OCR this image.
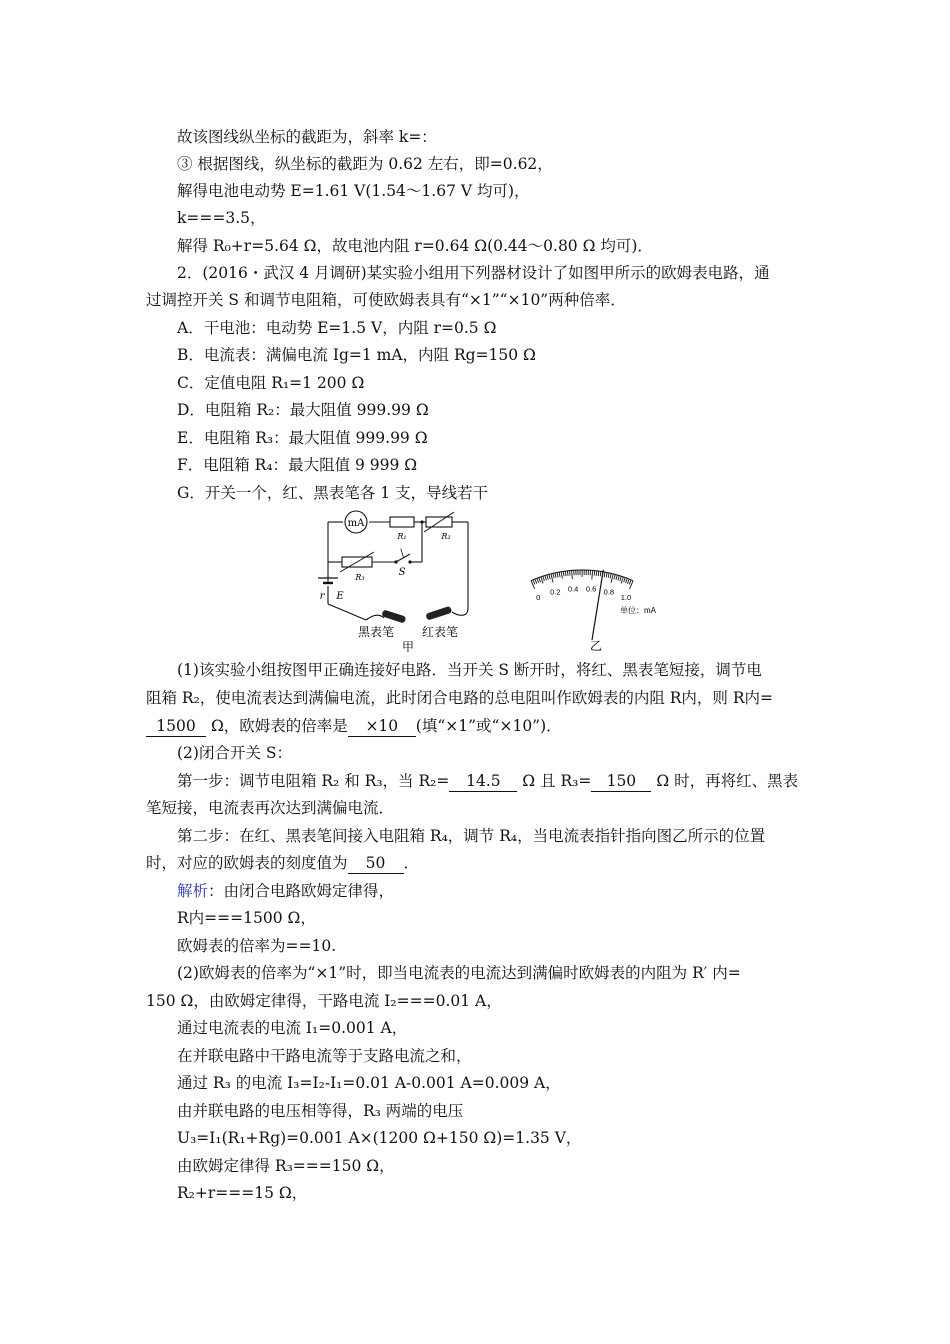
故该图线纵坐标的截距为，斜率 k=：
③ 根据图线，纵坐标的截距为 0.62 左右，即=0.62，
解得电池电动势 E=1.61 V(1.54～1.67 V 均可)，
k===3.5，
解得 R₀+r=5.64 Ω，故电池内阻 r=0.64 Ω(0.44～0.80 Ω 均可)．
2．(2016・武汉 4 月调研)某实验小组用下列器材设计了如图甲所示的欧姆表电路，通
过调控开关 S 和调节电阻箱，可使欧姆表具有“×1”“×10”两种倍率．
A．干电池：电动势 E=1.5 V，内阻 r=0.5 Ω
B．电流表：满偏电流 Ig=1 mA，内阻 Rg=150 Ω
C．定值电阻 R₁=1 200 Ω
D．电阻箱 R₂：最大阻值 999.99 Ω
E．电阻箱 R₃：最大阻值 999.99 Ω
F．电阻箱 R₄：最大阻值 9 999 Ω
G．开关一个，红、黑表笔各 1 支，导线若干
mA
R₁	R₂
R₃	S
\
r E
黑表笔 红表笔
甲
0
0.2 0.4 0.6 0.8
1.0
单位：mA
乙
(1)该实验小组按图甲正确连接好电路．当开关 S 断开时，将红、黑表笔短接，调节电
阻箱 R₂，使电流表达到满偏电流，此时闭合电路的总电阻叫作欧姆表的内阻 R内，则 R内=
1500 Ω，欧姆表的倍率是 ×10 (填“×1”或“×10”)．
(2)闭合开关 S：
第一步：调节电阻箱 R₂ 和 R₃，当 R₂= 14.5 Ω 且 R₃= 150 Ω 时，再将红、黑表
笔短接，电流表再次达到满偏电流．
第二步：在红、黑表笔间接入电阻箱 R₄，调节 R₄，当电流表指针指向图乙所示的位置
时，对应的欧姆表的刻度值为 50 ．
解析：由闭合电路欧姆定律得，
R内===1500 Ω，
欧姆表的倍率为==10.
(2)欧姆表的倍率为“×1”时，即当电流表的电流达到满偏时欧姆表的内阻为 R′ 内=
150 Ω，由欧姆定律得，干路电流 I₂===0.01 A，
通过电流表的电流 I₁=0.001 A，
在并联电路中干路电流等于支路电流之和，
通过 R₃ 的电流 I₃=I₂-I₁=0.01 A-0.001 A=0.009 A，
由并联电路的电压相等得，R₃ 两端的电压
U₃=I₁(R₁+Rg)=0.001 A×(1200 Ω+150 Ω)=1.35 V，
由欧姆定律得 R₃===150 Ω，
R₂+r===15 Ω，
